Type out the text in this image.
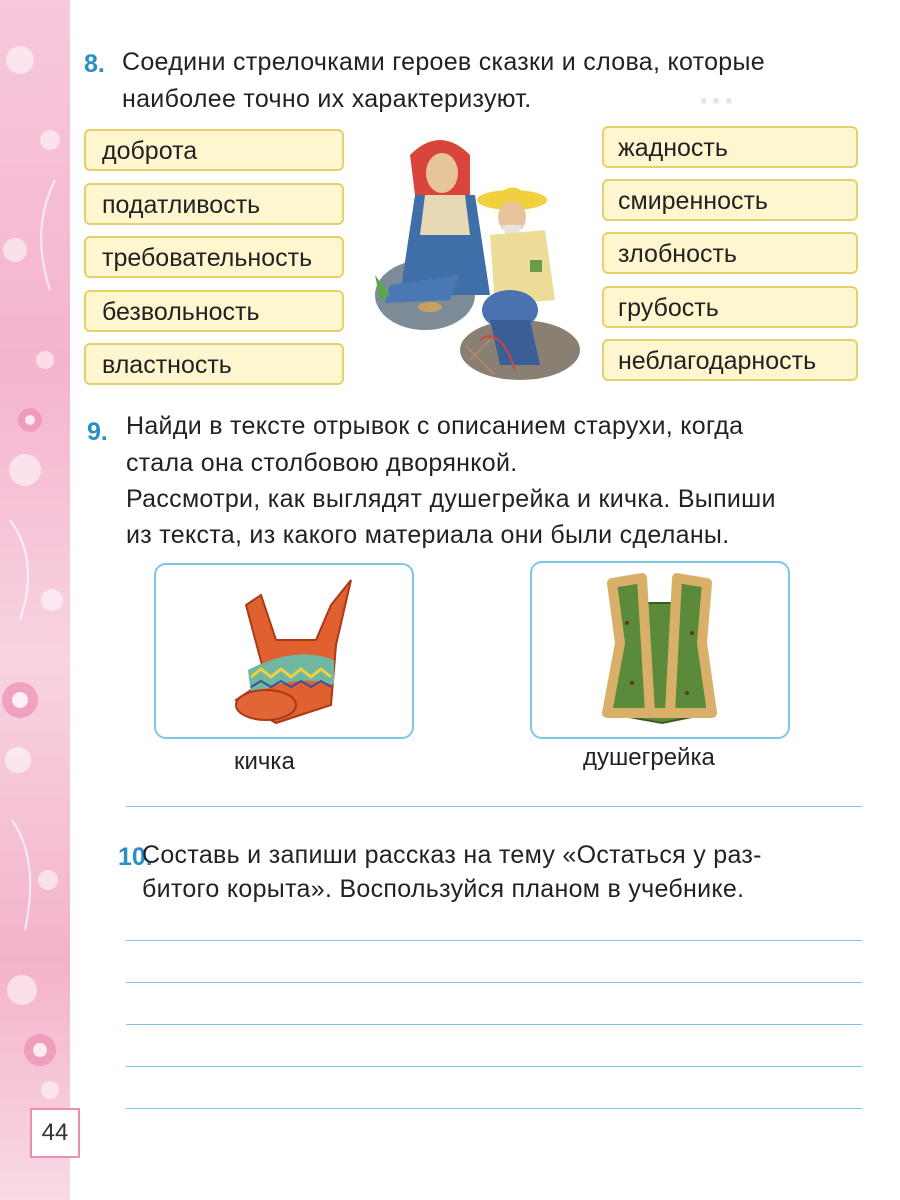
▪ ▪ ▪
8. Соедини стрелочками героев сказки и слова, которые
наиболее точно их характеризуют.
доброта
податливость
требовательность
безвольность
властность
жадность
смиренность
злобность
грубость
неблагодарность
9. Найди в тексте отрывок с описанием старухи, когда
стала она столбовою дворянкой.
Рассмотри, как выглядят душегрейка и кичка. Выпиши
из текста, из какого материала они были сделаны.
кичка	душегрейка
10.
Составь и запиши рассказ на тему «Остаться у раз-
битого корыта». Воспользуйся планом в учебнике.
44
